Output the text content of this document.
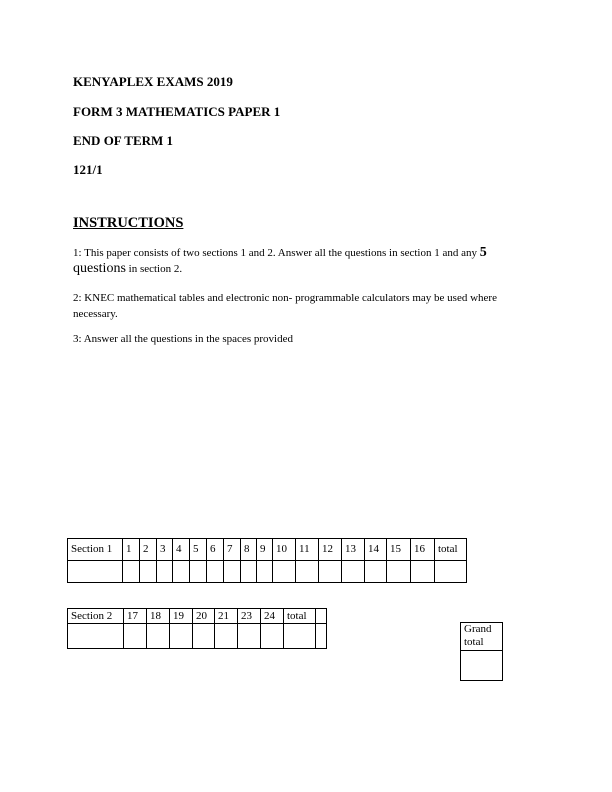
KENYAPLEX EXAMS 2019
FORM 3 MATHEMATICS PAPER 1
END OF TERM 1
121/1
INSTRUCTIONS
1: This paper consists of two sections 1 and 2. Answer all the questions in section 1 and any 5
questions in section 2.
2: KNEC mathematical tables and electronic non- programmable calculators may be used where necessary.
3: Answer all the questions in the spaces provided
Section 1	1	2	3	4	5	6	7	8	9	10	11	12	13	14	15	16	total

Section 2	17	18	19	20	21	23	24	total	

Grand total
